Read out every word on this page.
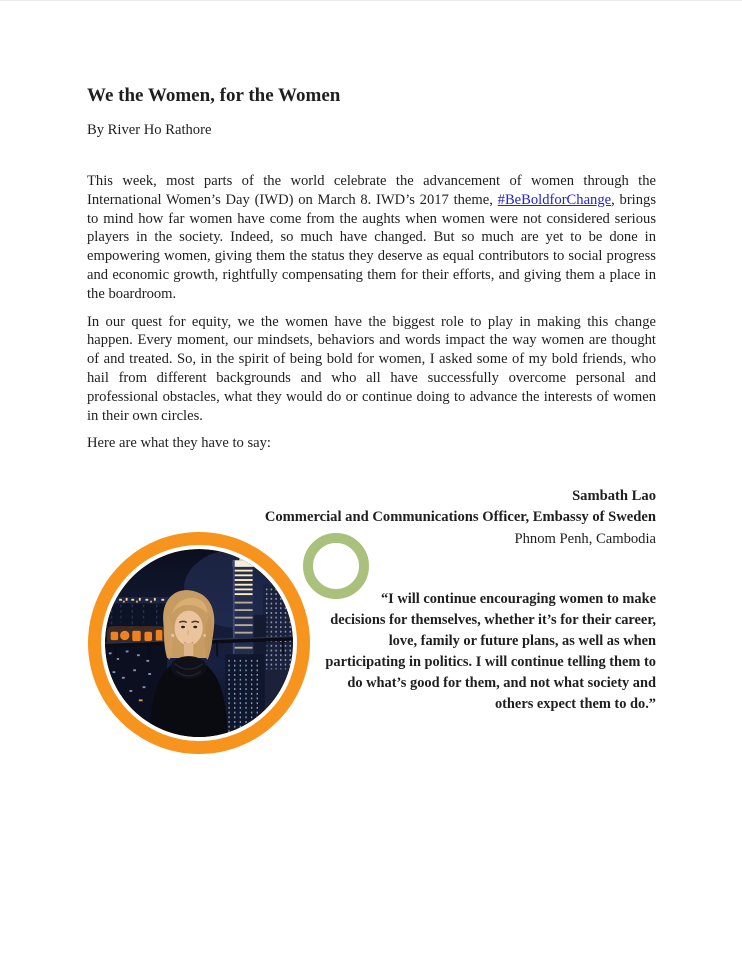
We the Women, for the Women

By River Ho Rathore

This week, most parts of the world celebrate the advancement of women through the International Women’s Day (IWD) on March 8. IWD’s 2017 theme, #BeBoldforChange, brings to mind how far women have come from the aughts when women were not considered serious players in the society. Indeed, so much have changed. But so much are yet to be done in empowering women, giving them the status they deserve as equal contributors to social progress and economic growth, rightfully compensating them for their efforts, and giving them a place in the boardroom.

In our quest for equity, we the women have the biggest role to play in making this change happen. Every moment, our mindsets, behaviors and words impact the way women are thought of and treated. So, in the spirit of being bold for women, I asked some of my bold friends, who hail from different backgrounds and who all have successfully overcome personal and professional obstacles, what they would do or continue doing to advance the interests of women in their own circles.

Here are what they have to say:

Sambath Lao
Commercial and Communications Officer, Embassy of Sweden
Phnom Penh, Cambodia
“I will continue encouraging women to make decisions for themselves, whether it’s for their career, love, family or future plans, as well as when participating in politics. I will continue telling them to do what’s good for them, and not what society and others expect them to do.”
